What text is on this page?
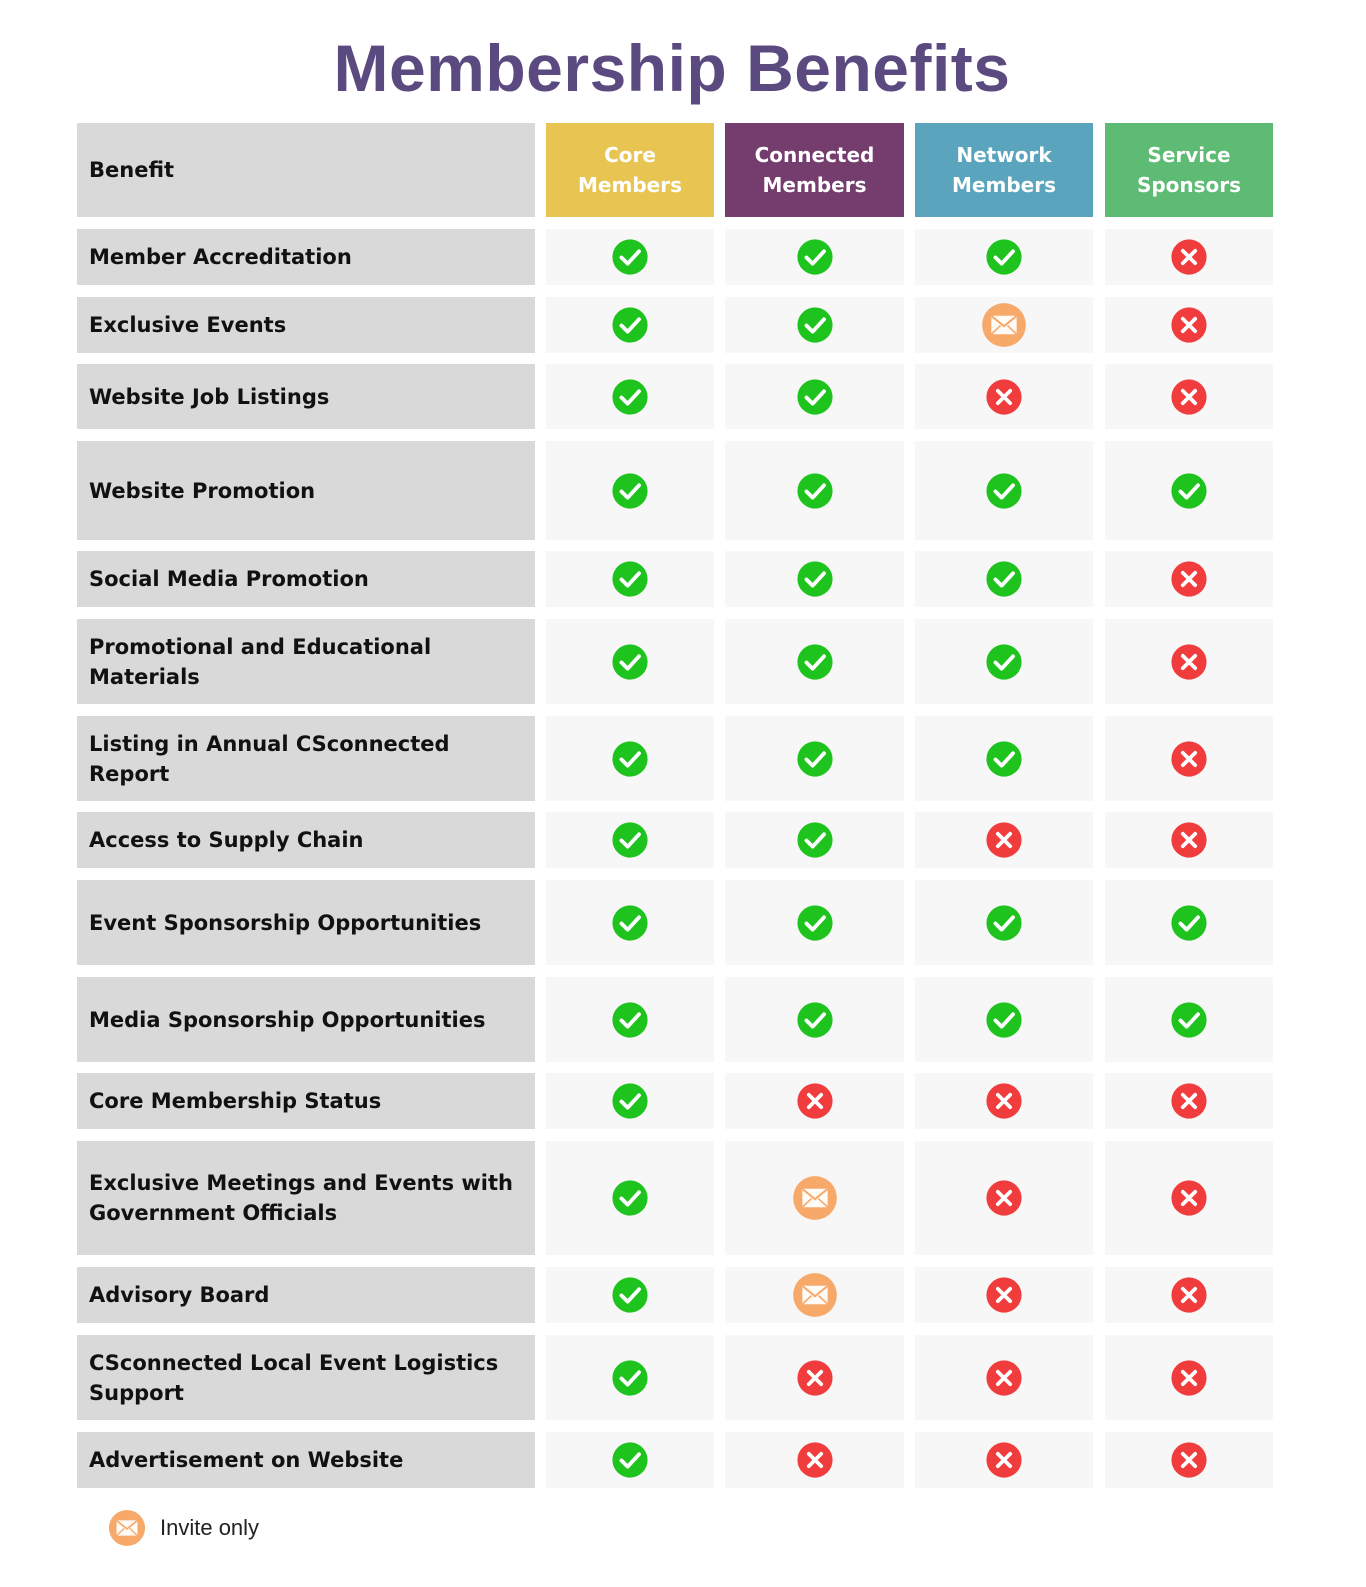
Membership Benefits
Benefit
Core Members
Connected Members
Network Members
Service Sponsors
Member Accreditation
Exclusive Events
Website Job Listings
Website Promotion
Social Media Promotion
Promotional and Educational Materials
Listing in Annual CSconnected Report
Access to Supply Chain
Event Sponsorship Opportunities
Media Sponsorship Opportunities
Core Membership Status
Exclusive Meetings and Events with Government Officials
Advisory Board
CSconnected Local Event Logistics Support
Advertisement on Website
Invite only
